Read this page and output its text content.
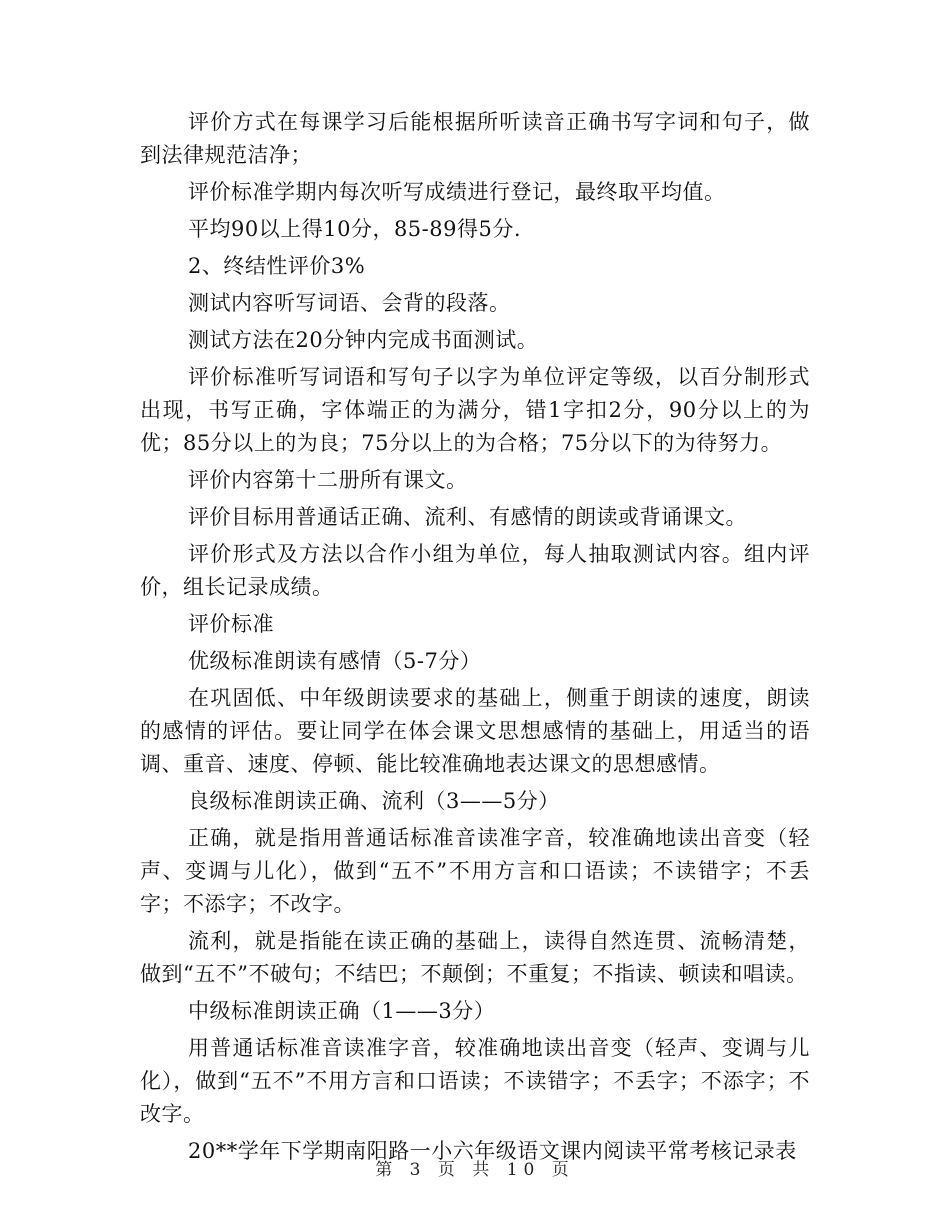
评价方式在每课学习后能根据所听读音正确书写字词和句子，做到法律规范洁净；

评价标准学期内每次听写成绩进行登记，最终取平均值。

平均90以上得10分，85-89得5分.

2、终结性评价3%

测试内容听写词语、会背的段落。

测试方法在20分钟内完成书面测试。

评价标准听写词语和写句子以字为单位评定等级，以百分制形式出现，书写正确，字体端正的为满分，错1字扣2分，90分以上的为优；85分以上的为良；75分以上的为合格；75分以下的为待努力。

评价内容第十二册所有课文。

评价目标用普通话正确、流利、有感情的朗读或背诵课文。

评价形式及方法以合作小组为单位，每人抽取测试内容。组内评价，组长记录成绩。

评价标准

优级标准朗读有感情（5-7分）

在巩固低、中年级朗读要求的基础上，侧重于朗读的速度，朗读的感情的评估。要让同学在体会课文思想感情的基础上，用适当的语调、重音、速度、停顿、能比较准确地表达课文的思想感情。

良级标准朗读正确、流利（3——5分）

正确，就是指用普通话标准音读准字音，较准确地读出音变（轻声、变调与儿化），做到“五不”不用方言和口语读；不读错字；不丢字；不添字；不改字。

流利，就是指能在读正确的基础上，读得自然连贯、流畅清楚，做到“五不”不破句；不结巴；不颠倒；不重复；不指读、顿读和唱读。

中级标准朗读正确（1——3分）

用普通话标准音读准字音，较准确地读出音变（轻声、变调与儿化），做到“五不”不用方言和口语读；不读错字；不丢字；不添字；不改字。

20**学年下学期南阳路一小六年级语文课内阅读平常考核记录表

第 3 页 共 10 页
